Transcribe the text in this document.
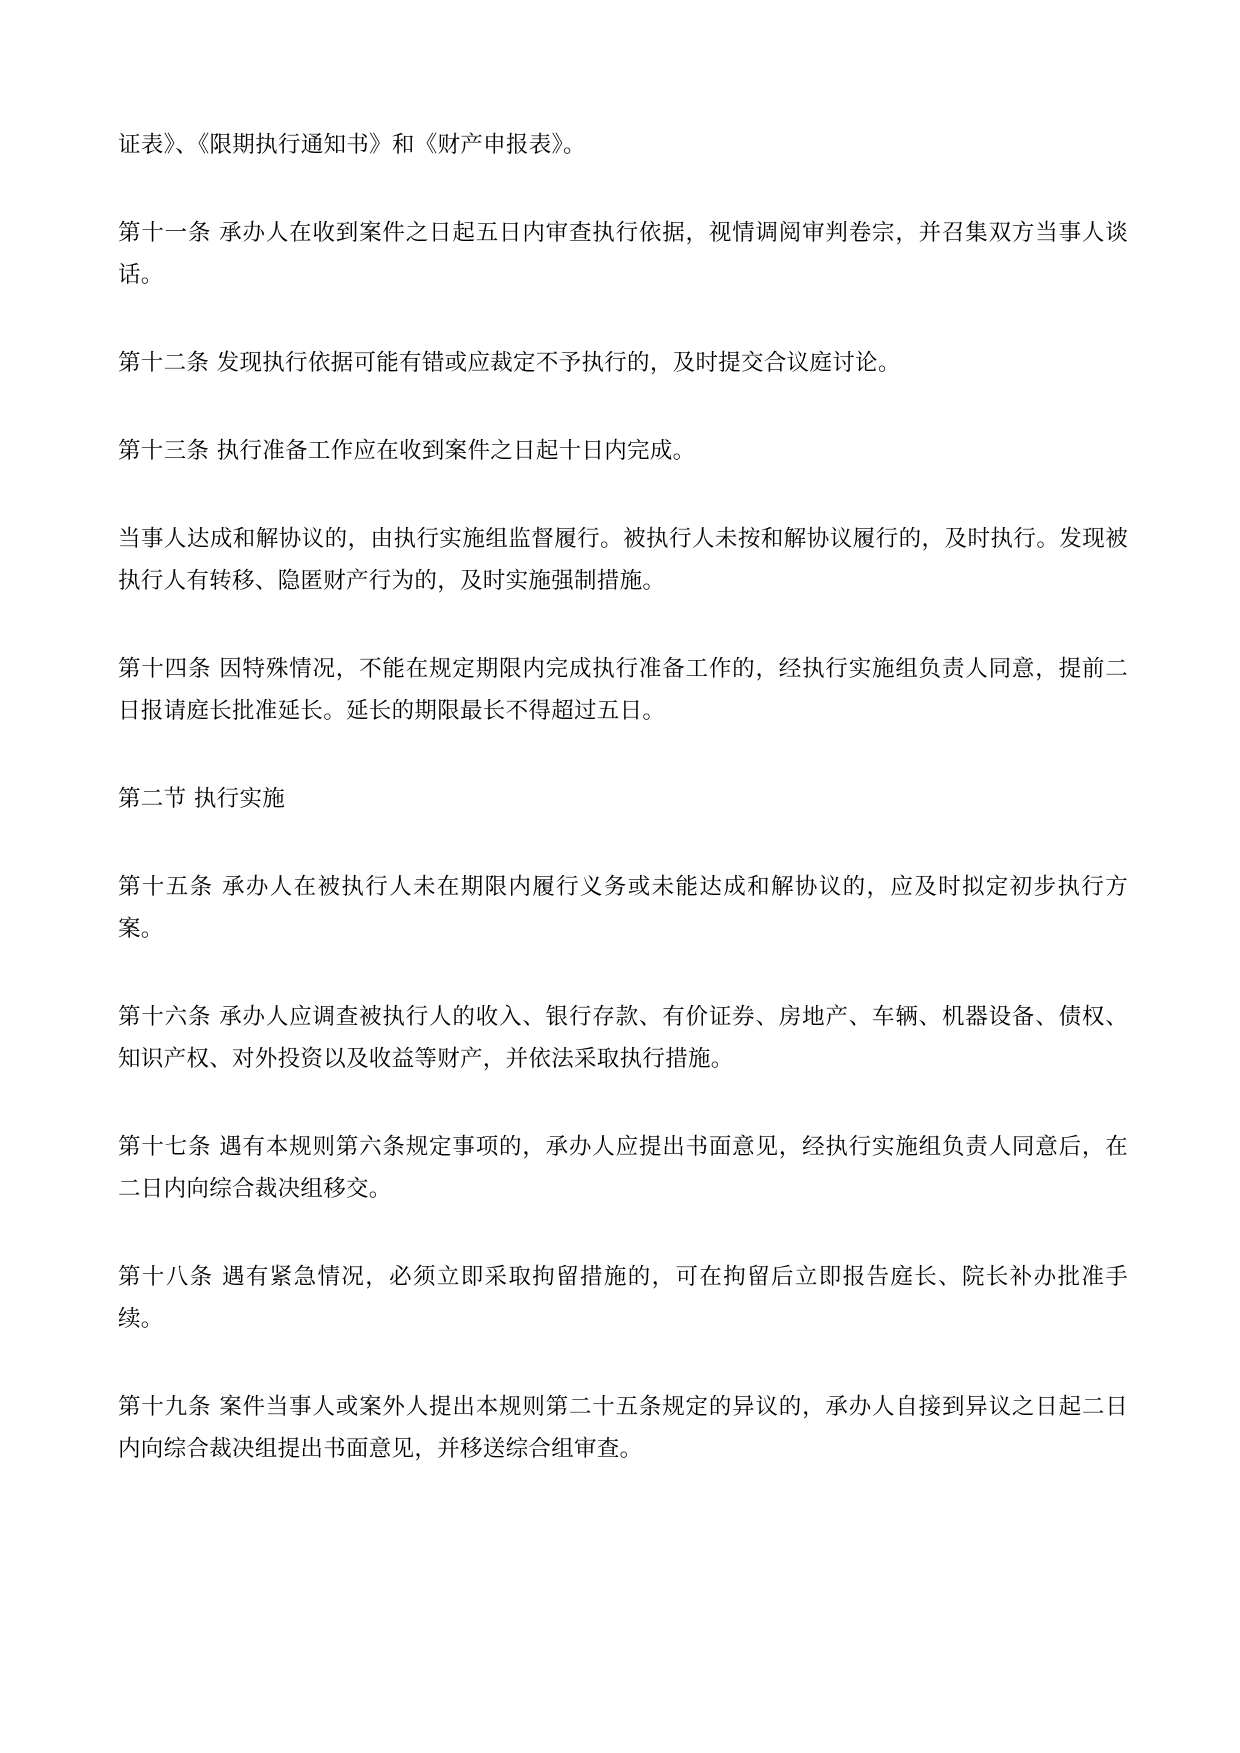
证表》、《限期执行通知书》和《财产申报表》。

第十一条 承办人在收到案件之日起五日内审查执行依据，视情调阅审判卷宗，并召集双方当事人谈话。

第十二条 发现执行依据可能有错或应裁定不予执行的，及时提交合议庭讨论。

第十三条 执行准备工作应在收到案件之日起十日内完成。

当事人达成和解协议的，由执行实施组监督履行。被执行人未按和解协议履行的，及时执行。发现被执行人有转移、隐匿财产行为的，及时实施强制措施。

第十四条 因特殊情况，不能在规定期限内完成执行准备工作的，经执行实施组负责人同意，提前二日报请庭长批准延长。延长的期限最长不得超过五日。

第二节 执行实施

第十五条 承办人在被执行人未在期限内履行义务或未能达成和解协议的，应及时拟定初步执行方案。

第十六条 承办人应调查被执行人的收入、银行存款、有价证券、房地产、车辆、机器设备、债权、知识产权、对外投资以及收益等财产，并依法采取执行措施。

第十七条 遇有本规则第六条规定事项的，承办人应提出书面意见，经执行实施组负责人同意后，在二日内向综合裁决组移交。

第十八条 遇有紧急情况，必须立即采取拘留措施的，可在拘留后立即报告庭长、院长补办批准手续。

第十九条 案件当事人或案外人提出本规则第二十五条规定的异议的，承办人自接到异议之日起二日内向综合裁决组提出书面意见，并移送综合组审查。
